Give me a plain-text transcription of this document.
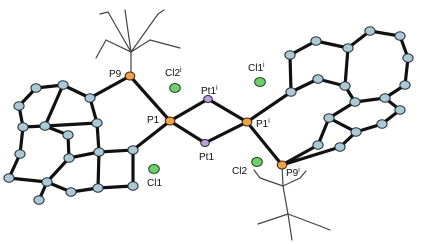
P9	Cl2$^i$
Pt1$^i$
Cl1$^i$
P1	P1$^i$
Pt1
Cl1
Cl2	P9$^i$
